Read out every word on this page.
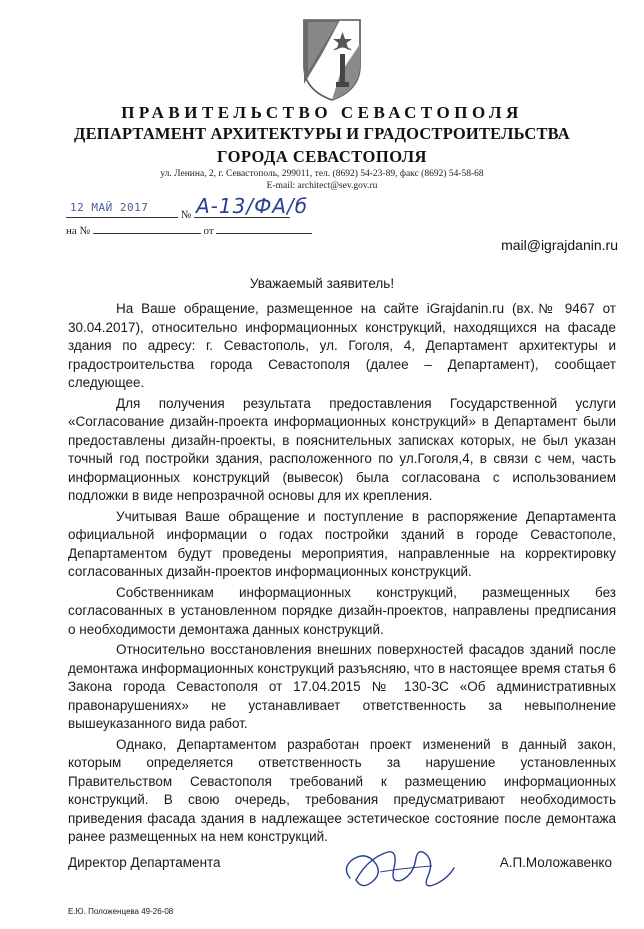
ПРАВИТЕЛЬСТВО СЕВАСТОПОЛЯ
ДЕПАРТАМЕНТ АРХИТЕКТУРЫ И ГРАДОСТРОИТЕЛЬСТВА
ГОРОДА СЕВАСТОПОЛЯ
ул. Ленина, 2, г. Севастополь, 299011, тел. (8692) 54-23-89, факс (8692) 54-58-68
E-mail: architect@sev.gov.ru
№
12 МАЙ 2017 А-13/ФА/б
на №	от
mail@igrajdanin.ru
Уважаемый заявитель!

На Ваше обращение, размещенное на сайте iGrajdanin.ru (вх.№ 9467 от 30.04.2017), относительно информационных конструкций, находящихся на фасаде здания по адресу: г. Севастополь, ул. Гоголя, 4, Департамент архитектуры и градостроительства города Севастополя (далее – Департамент), сообщает следующее.

Для получения результата предоставления Государственной услуги «Согласование дизайн-проекта информационных конструкций» в Департамент были предоставлены дизайн-проекты, в пояснительных записках которых, не был указан точный год постройки здания, расположенного по ул.Гоголя,4, в связи с чем, часть информационных конструкций (вывесок) была согласована с использованием подложки в виде непрозрачной основы для их крепления.

Учитывая Ваше обращение и поступление в распоряжение Департамента официальной информации о годах постройки зданий в городе Севастополе, Департаментом будут проведены мероприятия, направленные на корректировку согласованных дизайн-проектов информационных конструкций.

Собственникам информационных конструкций, размещенных без согласованных в установленном порядке дизайн-проектов, направлены предписания о необходимости демонтажа данных конструкций.

Относительно восстановления внешних поверхностей фасадов зданий после демонтажа информационных конструкций разъясняю, что в настоящее время статья 6 Закона города Севастополя от 17.04.2015 № 130-ЗС «Об административных правонарушениях» не устанавливает ответственность за невыполнение вышеуказанного вида работ.

Однако, Департаментом разработан проект изменений в данный закон, которым определяется ответственность за нарушение установленных Правительством Севастополя требований к размещению информационных конструкций. В свою очередь, требования предусматривают необходимость приведения фасада здания в надлежащее эстетическое состояние после демонтажа ранее размещенных на нем конструкций.

Директор Департамента	А.П.Моложавенко
Е.Ю. Положенцева 49-26-08
